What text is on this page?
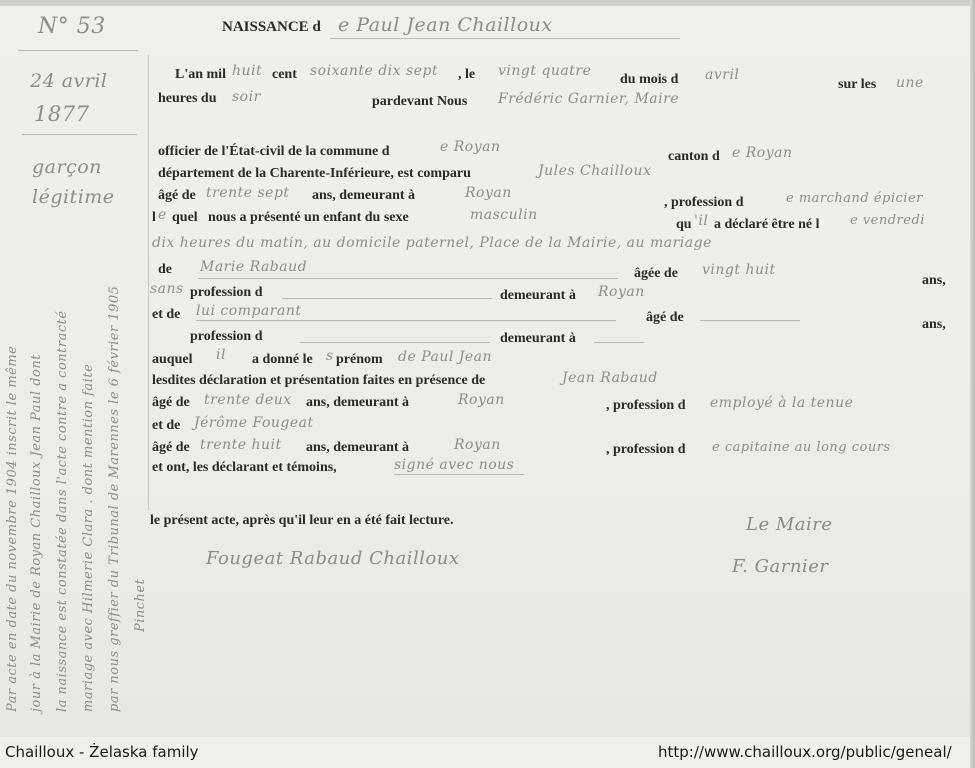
N° 53	NAISSANCE d e Paul Jean Chailloux
24 avril
1877
garçon
légitime
Par acte en date du novembre 1904 inscrit le même jour à la Mairie de Royan Chailloux Jean Paul dont la naissance est constatée dans l'acte contre a contracté mariage avec Hilmerie Clara . dont mention faite par nous greffier du Tribunal de Marennes le 6 février 1905 Pinchet
L'an mil huit cent soixante dix sept , le vingt quatre
du mois d avril
sur les une
heures du soir	pardevant Nous Frédéric Garnier, Maire
officier de l'État-civil de la commune d	e Royan
canton d e Royan
département de la Charente-Inférieure, est comparu	Jules Chailloux
âgé de trente sept ans, demeurant à	Royan
, profession d	e marchand épicier
l e quel nous a présenté un enfant du sexe	masculin
qu 'il a déclaré être né l e vendredi
dix heures du matin, au domicile paternel, Place de la Mairie, au mariage
de Marie Rabaud	âgée de vingt huit
ans,
sans profession d	demeurant à Royan
et de lui comparant	âgé de	ans,
profession d	demeurant à
auquel il a donné le s prénom de Paul Jean
lesdites déclaration et présentation faites en présence de	Jean Rabaud
âgé de trente deux ans, demeurant à	Royan	, profession d employé à la tenue
et de Jérôme Fougeat
âgé de trente huit ans, demeurant à	Royan	, profession d e capitaine au long cours
et ont, les déclarant et témoins,	signé avec nous
le présent acte, après qu'il leur en a été fait lecture.
Fougeat Rabaud Chailloux
Le Maire
F. Garnier
Chailloux - Żelaska family	http://www.chailloux.org/public/geneal/
